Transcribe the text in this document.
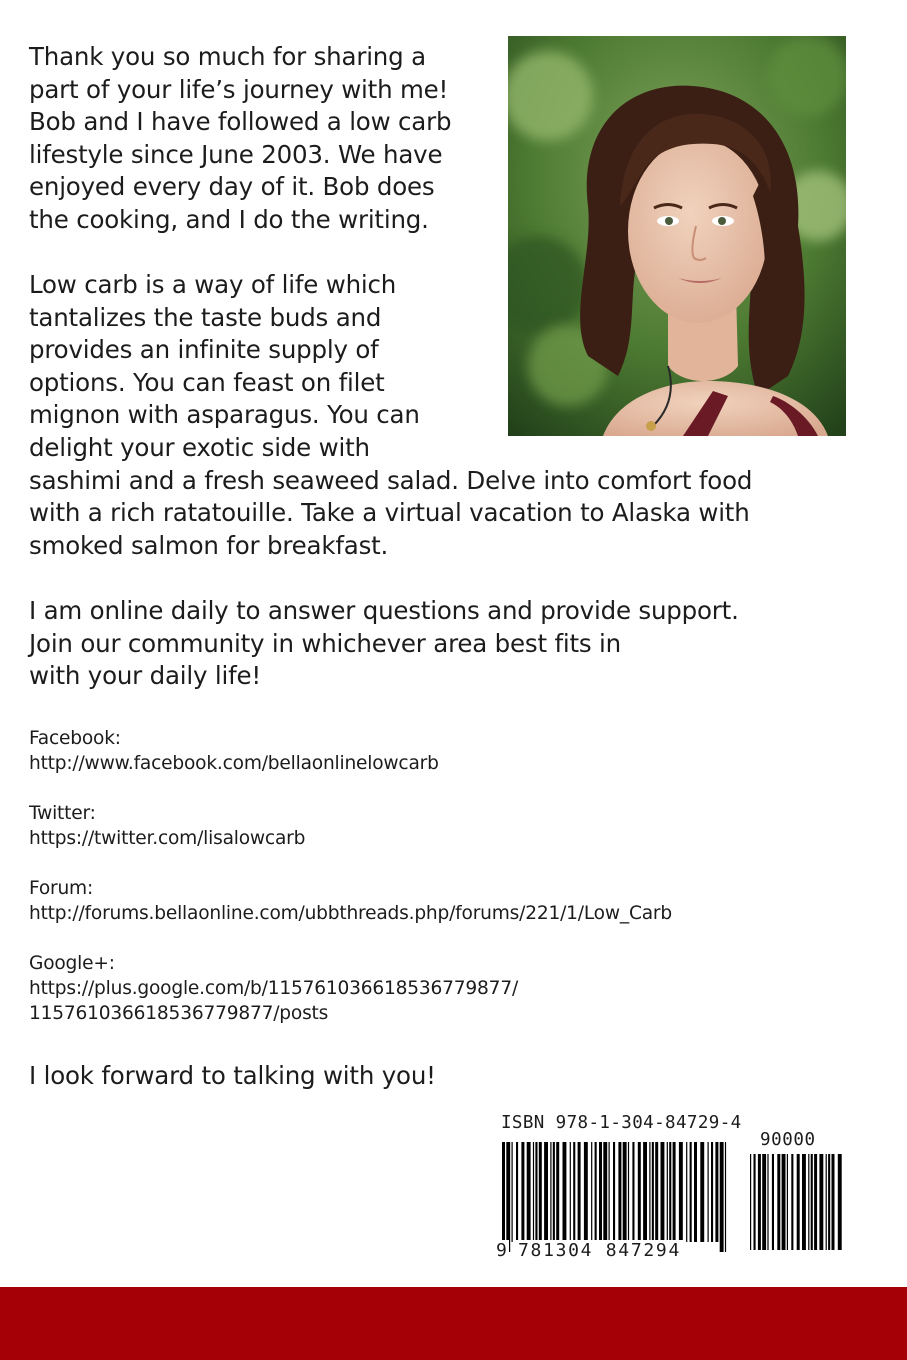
Thank you so much for sharing a
part of your life’s journey with me!
Bob and I have followed a low carb
lifestyle since June 2003. We have
enjoyed every day of it. Bob does
the cooking, and I do the writing.

Low carb is a way of life which
tantalizes the taste buds and
provides an infinite supply of
options. You can feast on filet
mignon with asparagus. You can
delight your exotic side with
sashimi and a fresh seaweed salad. Delve into comfort food
with a rich ratatouille. Take a virtual vacation to Alaska with
smoked salmon for breakfast.

I am online daily to answer questions and provide support.
Join our community in whichever area best fits in
with your daily life!

Facebook:
http://www.facebook.com/bellaonlinelowcarb
Twitter:
https://twitter.com/lisalowcarb
Forum:
http://forums.bellaonline.com/ubbthreads.php/forums/221/1/Low_Carb
Google+:
https://plus.google.com/b/115761036618536779877/
115761036618536779877/posts

I look forward to talking with you!

ISBN 978-1-304-84729-4
90000
9 781304 847294
